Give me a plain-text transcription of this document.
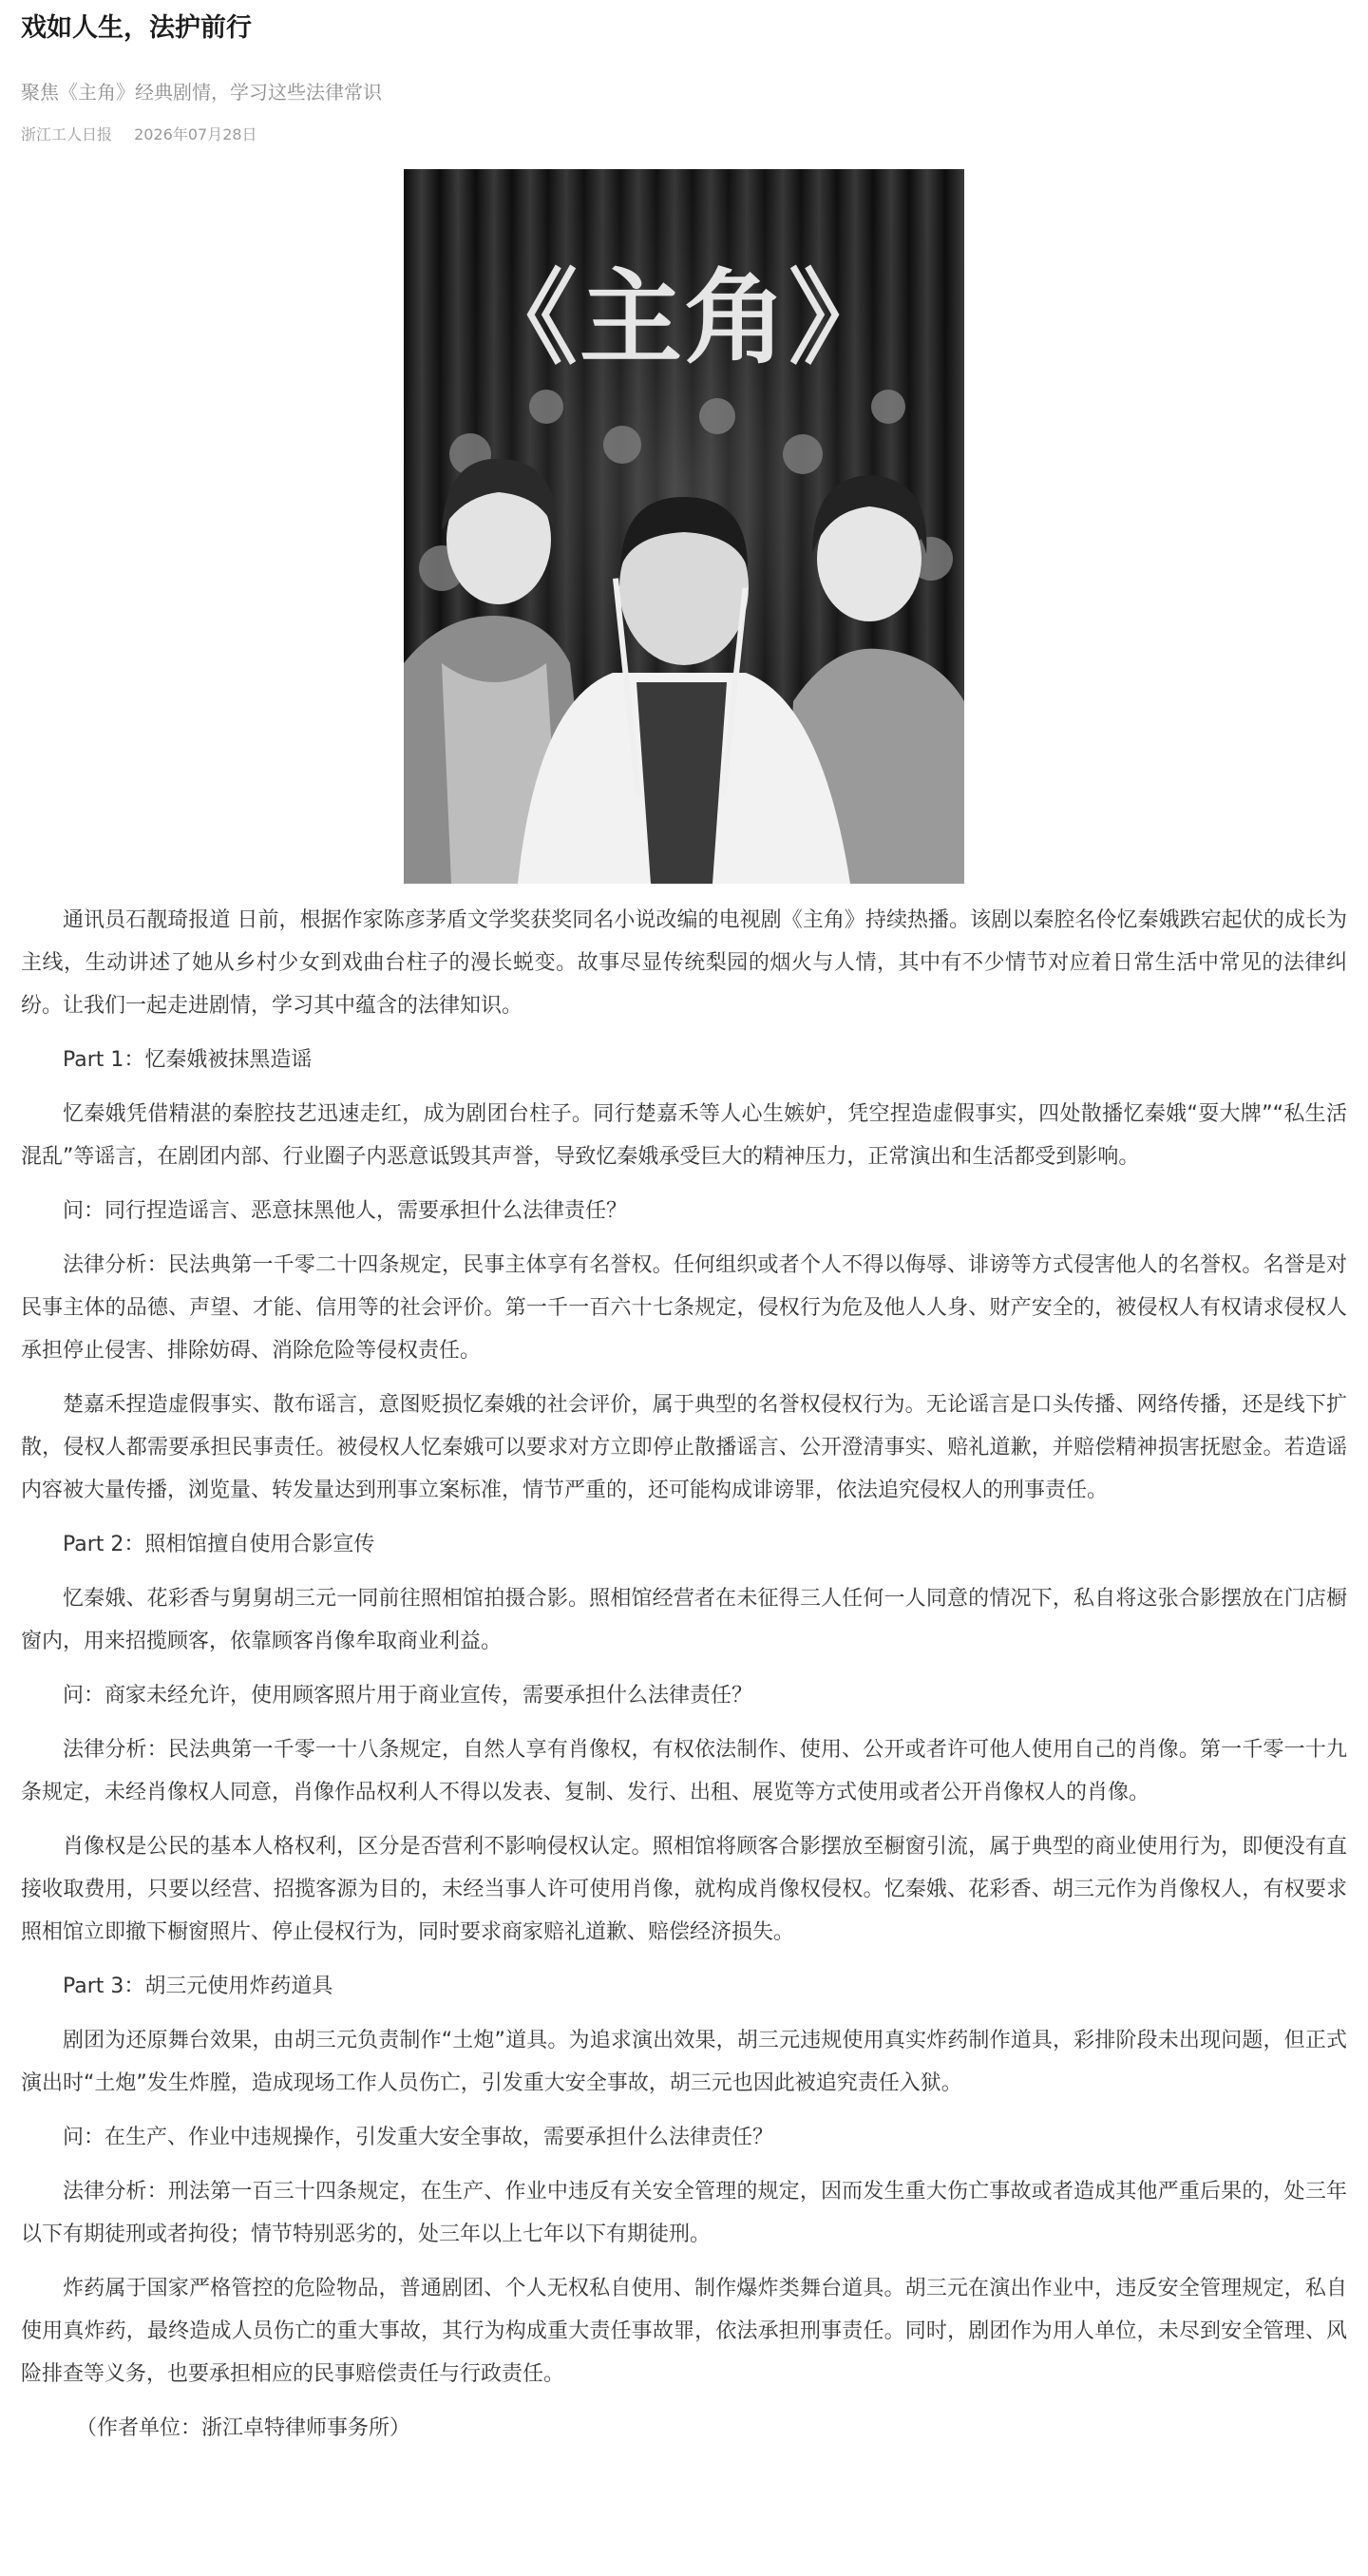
戏如人生，法护前行
聚焦《主角》经典剧情，学习这些法律常识
浙江工人日报 2026年07月28日
《主角》

通讯员石靓琦报道 日前，根据作家陈彦茅盾文学奖获奖同名小说改编的电视剧《主角》持续热播。该剧以秦腔名伶忆秦娥跌宕起伏的成长为主线，生动讲述了她从乡村少女到戏曲台柱子的漫长蜕变。故事尽显传统梨园的烟火与人情，其中有不少情节对应着日常生活中常见的法律纠纷。让我们一起走进剧情，学习其中蕴含的法律知识。

Part 1：忆秦娥被抹黑造谣

忆秦娥凭借精湛的秦腔技艺迅速走红，成为剧团台柱子。同行楚嘉禾等人心生嫉妒，凭空捏造虚假事实，四处散播忆秦娥“耍大牌”“私生活混乱”等谣言，在剧团内部、行业圈子内恶意诋毁其声誉，导致忆秦娥承受巨大的精神压力，正常演出和生活都受到影响。

问：同行捏造谣言、恶意抹黑他人，需要承担什么法律责任？

法律分析：民法典第一千零二十四条规定，民事主体享有名誉权。任何组织或者个人不得以侮辱、诽谤等方式侵害他人的名誉权。名誉是对民事主体的品德、声望、才能、信用等的社会评价。第一千一百六十七条规定，侵权行为危及他人人身、财产安全的，被侵权人有权请求侵权人承担停止侵害、排除妨碍、消除危险等侵权责任。

楚嘉禾捏造虚假事实、散布谣言，意图贬损忆秦娥的社会评价，属于典型的名誉权侵权行为。无论谣言是口头传播、网络传播，还是线下扩散，侵权人都需要承担民事责任。被侵权人忆秦娥可以要求对方立即停止散播谣言、公开澄清事实、赔礼道歉，并赔偿精神损害抚慰金。若造谣内容被大量传播，浏览量、转发量达到刑事立案标准，情节严重的，还可能构成诽谤罪，依法追究侵权人的刑事责任。

Part 2：照相馆擅自使用合影宣传

忆秦娥、花彩香与舅舅胡三元一同前往照相馆拍摄合影。照相馆经营者在未征得三人任何一人同意的情况下，私自将这张合影摆放在门店橱窗内，用来招揽顾客，依靠顾客肖像牟取商业利益。

问：商家未经允许，使用顾客照片用于商业宣传，需要承担什么法律责任？

法律分析：民法典第一千零一十八条规定，自然人享有肖像权，有权依法制作、使用、公开或者许可他人使用自己的肖像。第一千零一十九条规定，未经肖像权人同意，肖像作品权利人不得以发表、复制、发行、出租、展览等方式使用或者公开肖像权人的肖像。

肖像权是公民的基本人格权利，区分是否营利不影响侵权认定。照相馆将顾客合影摆放至橱窗引流，属于典型的商业使用行为，即便没有直接收取费用，只要以经营、招揽客源为目的，未经当事人许可使用肖像，就构成肖像权侵权。忆秦娥、花彩香、胡三元作为肖像权人，有权要求照相馆立即撤下橱窗照片、停止侵权行为，同时要求商家赔礼道歉、赔偿经济损失。

Part 3：胡三元使用炸药道具

剧团为还原舞台效果，由胡三元负责制作“土炮”道具。为追求演出效果，胡三元违规使用真实炸药制作道具，彩排阶段未出现问题，但正式演出时“土炮”发生炸膛，造成现场工作人员伤亡，引发重大安全事故，胡三元也因此被追究责任入狱。

问：在生产、作业中违规操作，引发重大安全事故，需要承担什么法律责任？

法律分析：刑法第一百三十四条规定，在生产、作业中违反有关安全管理的规定，因而发生重大伤亡事故或者造成其他严重后果的，处三年以下有期徒刑或者拘役；情节特别恶劣的，处三年以上七年以下有期徒刑。

炸药属于国家严格管控的危险物品，普通剧团、个人无权私自使用、制作爆炸类舞台道具。胡三元在演出作业中，违反安全管理规定，私自使用真炸药，最终造成人员伤亡的重大事故，其行为构成重大责任事故罪，依法承担刑事责任。同时，剧团作为用人单位，未尽到安全管理、风险排查等义务，也要承担相应的民事赔偿责任与行政责任。

（作者单位：浙江卓特律师事务所）
